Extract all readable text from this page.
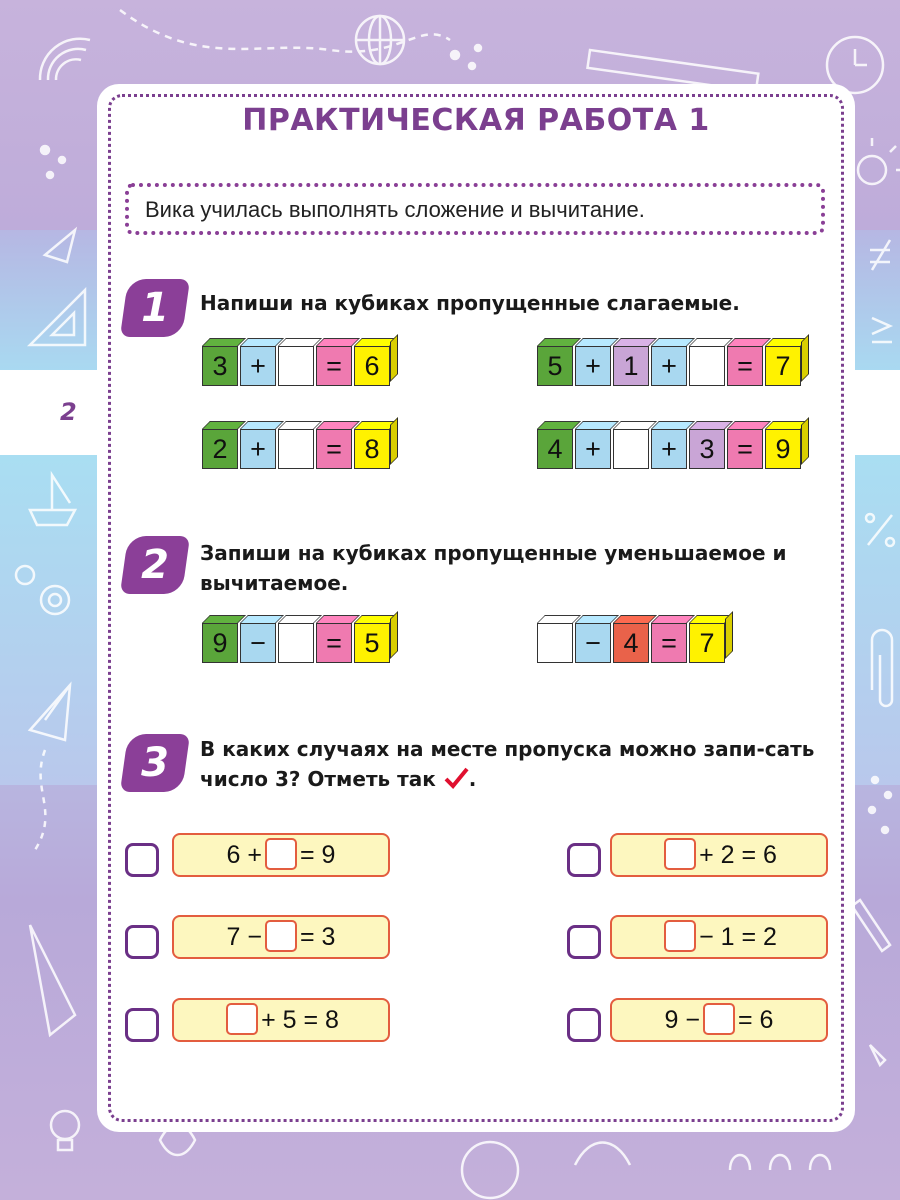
2
ПРАКТИЧЕСКАЯ РАБОТА 1
Вика училась выполнять сложение и вычитание.
1	Напиши на кубиках пропущенные слагаемые.
3 +	= 6	5 + 1 +	= 7
2 +	= 8	4 +	+ 3 = 9
2	Запиши на кубиках пропущенные уменьшаемое и вычитаемое.
9 −	= 5	− 4 = 7
3	В каких случаях на месте пропуска можно запи-сать число 3? Отметь так .
6 + = 9	+ 2 = 6
7 − = 3	− 1 = 2
+ 5 = 8	9 − = 6
